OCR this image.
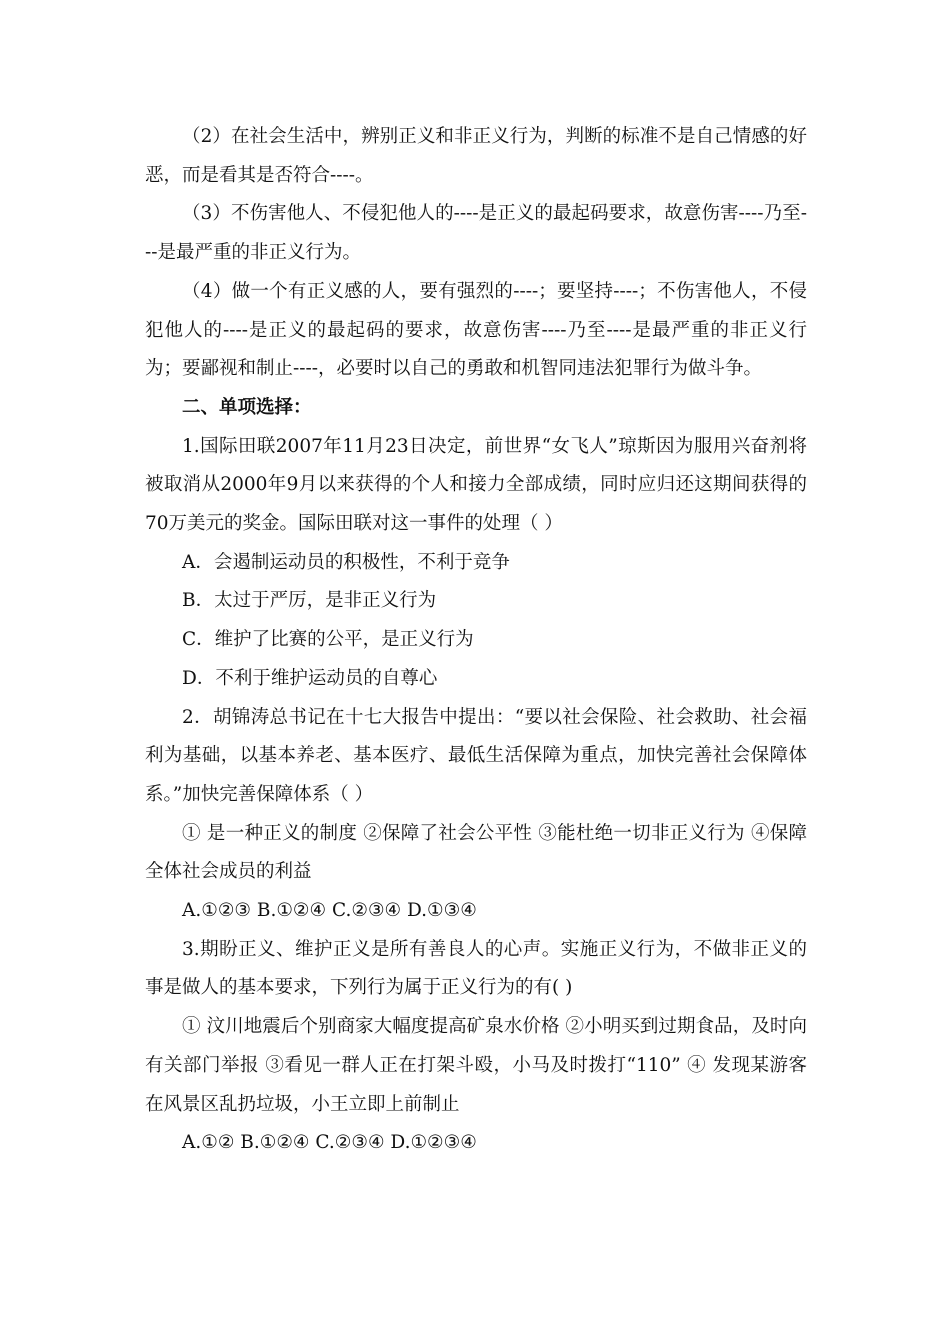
（2）在社会生活中，辨别正义和非正义行为，判断的标准不是自己情感的好恶，而是看其是否符合----。

（3）不伤害他人、不侵犯他人的----是正义的最起码要求，故意伤害----乃至---是最严重的非正义行为。

（4）做一个有正义感的人，要有强烈的----；要坚持----；不伤害他人，不侵犯他人的----是正义的最起码的要求，故意伤害----乃至----是最严重的非正义行为；要鄙视和制止----，必要时以自己的勇敢和机智同违法犯罪行为做斗争。

二、单项选择：

1.国际田联2007年11月23日决定，前世界“女飞人”琼斯因为服用兴奋剂将被取消从2000年9月以来获得的个人和接力全部成绩，同时应归还这期间获得的70万美元的奖金。国际田联对这一事件的处理（ ）

A．会遏制运动员的积极性，不利于竞争

B．太过于严厉，是非正义行为

C．维护了比赛的公平，是正义行为

D．不利于维护运动员的自尊心

2．胡锦涛总书记在十七大报告中提出：“要以社会保险、社会救助、社会福利为基础，以基本养老、基本医疗、最低生活保障为重点，加快完善社会保障体系。”加快完善保障体系（ ）

① 是一种正义的制度 ②保障了社会公平性 ③能杜绝一切非正义行为 ④保障全体社会成员的利益

A.①②③ B.①②④ C.②③④ D.①③④

3.期盼正义、维护正义是所有善良人的心声。实施正义行为，不做非正义的事是做人的基本要求，下列行为属于正义行为的有( )

① 汶川地震后个别商家大幅度提高矿泉水价格 ②小明买到过期食品，及时向有关部门举报 ③看见一群人正在打架斗殴，小马及时拨打“110” ④ 发现某游客在风景区乱扔垃圾，小王立即上前制止

A.①② B.①②④ C.②③④ D.①②③④
